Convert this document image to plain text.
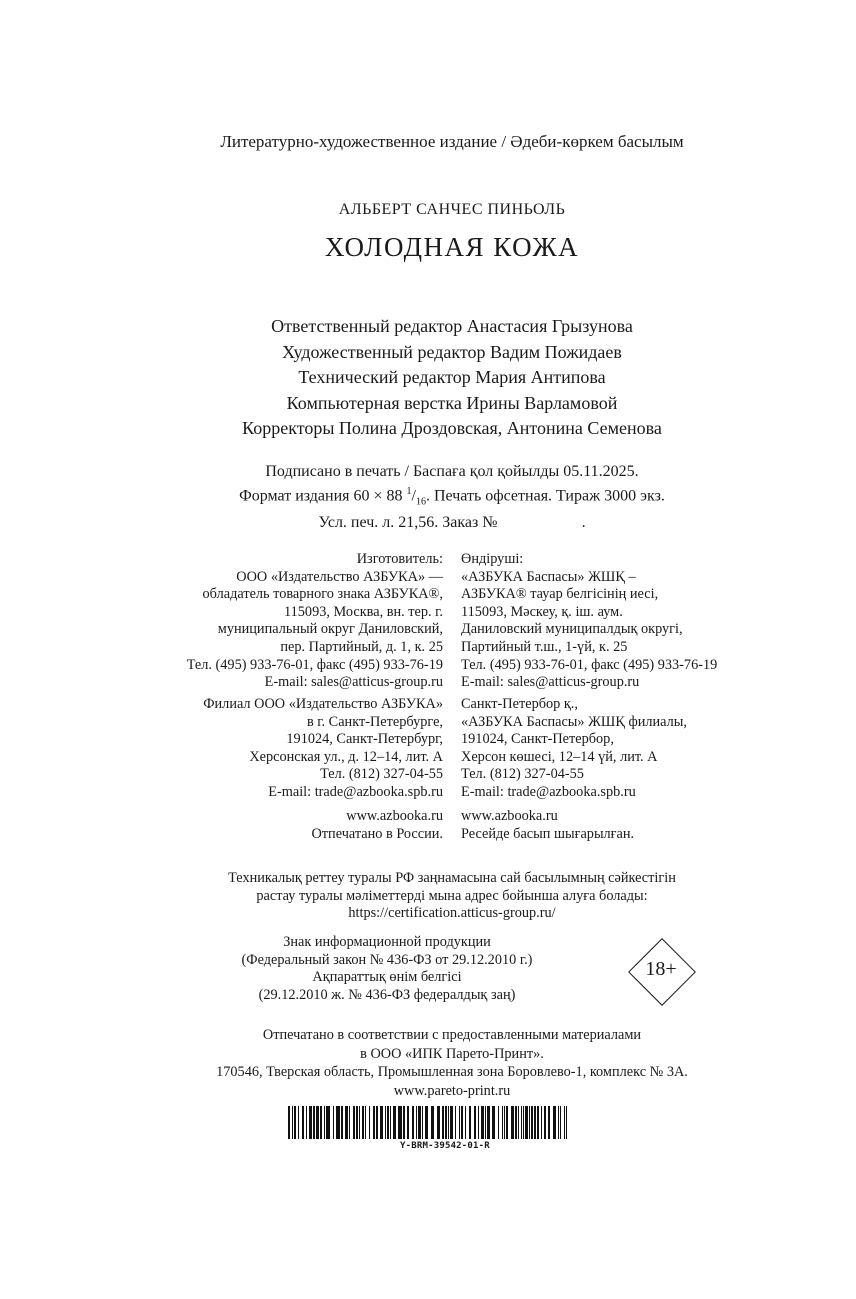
Литературно-художественное издание / Әдеби-көркем басылым
АЛЬБЕРТ САНЧЕС ПИНЬОЛЬ
ХОЛОДНАЯ КОЖА
Ответственный редактор Анастасия Грызунова
Художественный редактор Вадим Пожидаев
Технический редактор Мария Антипова
Компьютерная верстка Ирины Варламовой
Корректоры Полина Дроздовская, Антонина Семенова
Подписано в печать / Баспаға қол қойылды 05.11.2025.
Формат издания 60 × 88 $^1/_{16}$. Печать офсетная. Тираж 3000 экз.
Усл. печ. л. 21,56. Заказ №	.
Изготовитель:
ООО «Издательство АЗБУКА» —
обладатель товарного знака АЗБУКА®,
115093, Москва, вн. тер. г.
муниципальный округ Даниловский,
пер. Партийный, д. 1, к. 25
Тел. (495) 933-76-01, факс (495) 933-76-19
E-mail: sales@atticus-group.ru
Өндіруші:
«АЗБУКА Баспасы» ЖШҚ –
АЗБУКА® тауар белгісінің иесі,
115093, Мәскеу, қ. іш. аум.
Даниловский муниципалдық округі,
Партийный т.ш., 1-үй, к. 25
Тел. (495) 933-76-01, факс (495) 933-76-19
E-mail: sales@atticus-group.ru
Филиал ООО «Издательство АЗБУКА»
в г. Санкт-Петербурге,
191024, Санкт-Петербург,
Херсонская ул., д. 12–14, лит. А
Тел. (812) 327-04-55
E-mail: trade@azbooka.spb.ru
Санкт-Петербор қ.,
«АЗБУКА Баспасы» ЖШҚ филиалы,
191024, Санкт-Петербор,
Херсон көшесі, 12–14 үй, лит. А
Тел. (812) 327-04-55
E-mail: trade@azbooka.spb.ru
www.azbooka.ru
Отпечатано в России.
www.azbooka.ru
Ресейде басып шығарылған.
Техникалық реттеу туралы РФ заңнамасына сай басылымның сәйкестігін
растау туралы мәліметтерді мына адрес бойынша алуға болады:
https://certification.atticus-group.ru/
Знак информационной продукции
(Федеральный закон № 436-ФЗ от 29.12.2010 г.)
Ақпараттық өнім белгісі
(29.12.2010 ж. № 436-ФЗ федералдық заң)
18+
Отпечатано в соответствии с предоставленными материалами
в ООО «ИПК Парето-Принт».
170546, Тверская область, Промышленная зона Боровлево-1, комплекс № 3А.
www.pareto-print.ru
Y-BRM-39542-01-R
